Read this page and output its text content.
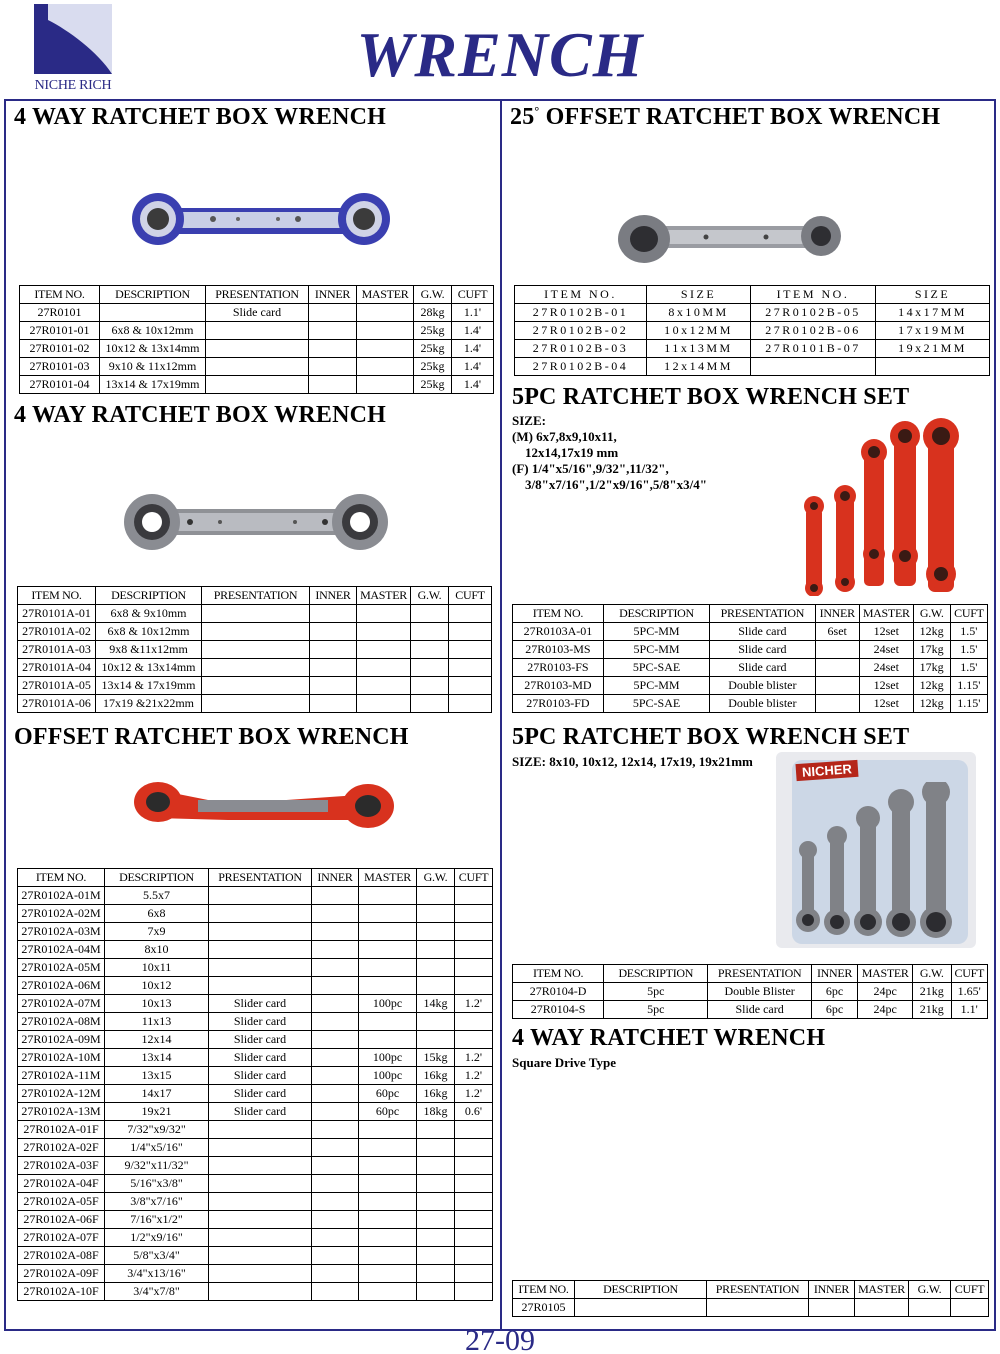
NICHE RICH	WRENCH
4 WAY RATCHET BOX WRENCH
ITEM NO.	DESCRIPTION	PRESENTATION	INNER	MASTER	G.W.	CUFT
27R0101		Slide card			28kg	1.1'
27R0101-01	6x8 & 10x12mm				25kg	1.4'
27R0101-02	10x12 & 13x14mm				25kg	1.4'
27R0101-03	9x10 & 11x12mm				25kg	1.4'
27R0101-04	13x14 & 17x19mm				25kg	1.4'
4 WAY RATCHET BOX WRENCH
ITEM NO.	DESCRIPTION	PRESENTATION	INNER	MASTER	G.W.	CUFT
27R0101A-01	6x8 & 9x10mm					
27R0101A-02	6x8 & 10x12mm					
27R0101A-03	9x8 &11x12mm					
27R0101A-04	10x12 & 13x14mm					
27R0101A-05	13x14 & 17x19mm					
27R0101A-06	17x19 &21x22mm					
OFFSET RATCHET BOX WRENCH
ITEM NO.	DESCRIPTION	PRESENTATION	INNER	MASTER	G.W.	CUFT
27R0102A-01M	5.5x7					
27R0102A-02M	6x8					
27R0102A-03M	7x9					
27R0102A-04M	8x10					
27R0102A-05M	10x11					
27R0102A-06M	10x12					
27R0102A-07M	10x13	Slider card		100pc	14kg	1.2'
27R0102A-08M	11x13	Slider card				
27R0102A-09M	12x14	Slider card				
27R0102A-10M	13x14	Slider card		100pc	15kg	1.2'
27R0102A-11M	13x15	Slider card		100pc	16kg	1.2'
27R0102A-12M	14x17	Slider card		60pc	16kg	1.2'
27R0102A-13M	19x21	Slider card		60pc	18kg	0.6'
27R0102A-01F	7/32"x9/32"					
27R0102A-02F	1/4"x5/16"					
27R0102A-03F	9/32"x11/32"					
27R0102A-04F	5/16"x3/8"					
27R0102A-05F	3/8"x7/16"					
27R0102A-06F	7/16"x1/2"					
27R0102A-07F	1/2"x9/16"					
27R0102A-08F	5/8"x3/4"					
27R0102A-09F	3/4"x13/16"					
27R0102A-10F	3/4"x7/8"					
25° OFFSET RATCHET BOX WRENCH
ITEM NO.	SIZE	ITEM NO.	SIZE
27R0102B-01	8x10MM	27R0102B-05	14x17MM
27R0102B-02	10x12MM	27R0102B-06	17x19MM
27R0102B-03	11x13MM	27R0101B-07	19x21MM
27R0102B-04	12x14MM		
5PC RATCHET BOX WRENCH SET
SIZE:
(M) 6x7,8x9,10x11,
12x14,17x19 mm
(F) 1/4"x5/16",9/32",11/32",
3/8"x7/16",1/2"x9/16",5/8"x3/4"
ITEM NO.	DESCRIPTION	PRESENTATION	INNER	MASTER	G.W.	CUFT
27R0103A-01	5PC-MM	Slide card	6set	12set	12kg	1.5'
27R0103-MS	5PC-MM	Slide card		24set	17kg	1.5'
27R0103-FS	5PC-SAE	Slide card		24set	17kg	1.5'
27R0103-MD	5PC-MM	Double blister		12set	12kg	1.15'
27R0103-FD	5PC-SAE	Double blister		12set	12kg	1.15'
5PC RATCHET BOX WRENCH SET
SIZE: 8x10, 10x12, 12x14, 17x19, 19x21mm	NICHER
ITEM NO.	DESCRIPTION	PRESENTATION	INNER	MASTER	G.W.	CUFT
27R0104-D	5pc	Double Blister	6pc	24pc	21kg	1.65'
27R0104-S	5pc	Slide card	6pc	24pc	21kg	1.1'
4 WAY RATCHET WRENCH
Square Drive Type
ITEM NO.	DESCRIPTION	PRESENTATION	INNER	MASTER	G.W.	CUFT
27R0105						
27-09
